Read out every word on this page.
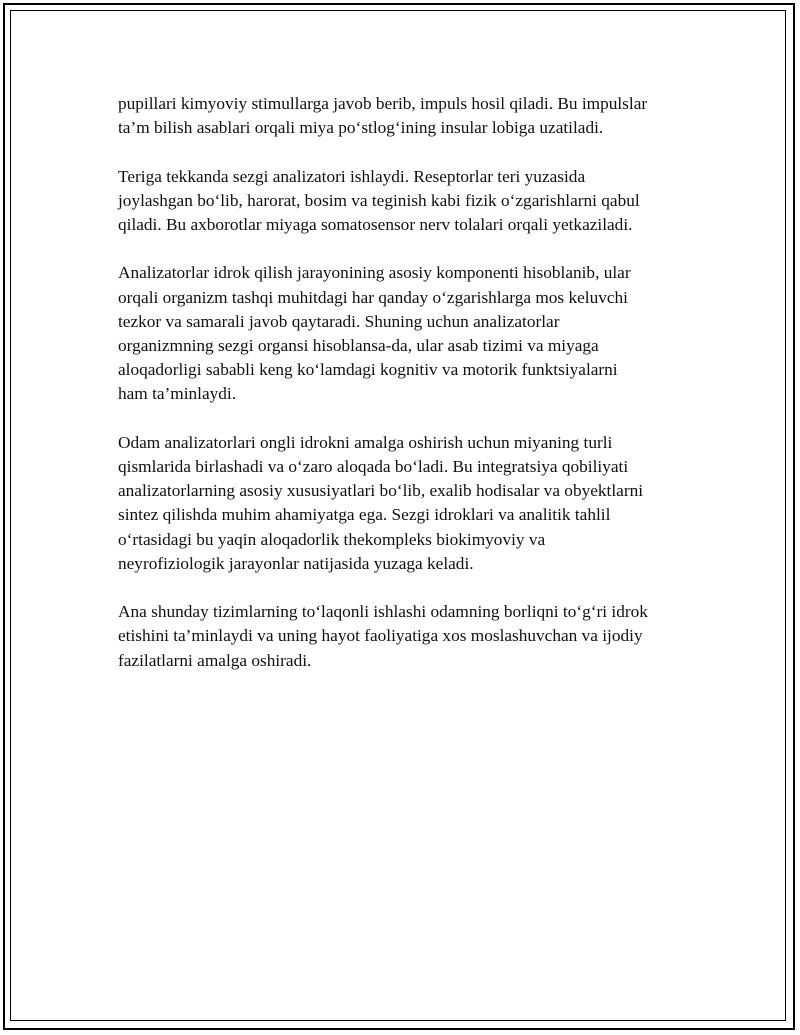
pupillari kimyoviy stimullarga javob berib, impuls hosil qiladi. Bu impulslar
ta’m bilish asablari orqali miya po‘stlog‘ining insular lobiga uzatiladi.

Teriga tekkanda sezgi analizatori ishlaydi. Reseptorlar teri yuzasida
joylashgan bo‘lib, harorat, bosim va teginish kabi fizik o‘zgarishlarni qabul
qiladi. Bu axborotlar miyaga somatosensor nerv tolalari orqali yetkaziladi.

Analizatorlar idrok qilish jarayonining asosiy komponenti hisoblanib, ular
orqali organizm tashqi muhitdagi har qanday o‘zgarishlarga mos keluvchi
tezkor va samarali javob qaytaradi. Shuning uchun analizatorlar
organizmning sezgi organsi hisoblansa-da, ular asab tizimi va miyaga
aloqadorligi sababli keng ko‘lamdagi kognitiv va motorik funktsiyalarni
ham ta’minlaydi.

Odam analizatorlari ongli idrokni amalga oshirish uchun miyaning turli
qismlarida birlashadi va o‘zaro aloqada bo‘ladi. Bu integratsiya qobiliyati
analizatorlarning asosiy xususiyatlari bo‘lib, exalib hodisalar va obyektlarni
sintez qilishda muhim ahamiyatga ega. Sezgi idroklari va analitik tahlil
o‘rtasidagi bu yaqin aloqadorlik thekompleks biokimyoviy va
neyrofiziologik jarayonlar natijasida yuzaga keladi.

Ana shunday tizimlarning to‘laqonli ishlashi odamning borliqni to‘g‘ri idrok
etishini ta’minlaydi va uning hayot faoliyatiga xos moslashuvchan va ijodiy
fazilatlarni amalga oshiradi.
